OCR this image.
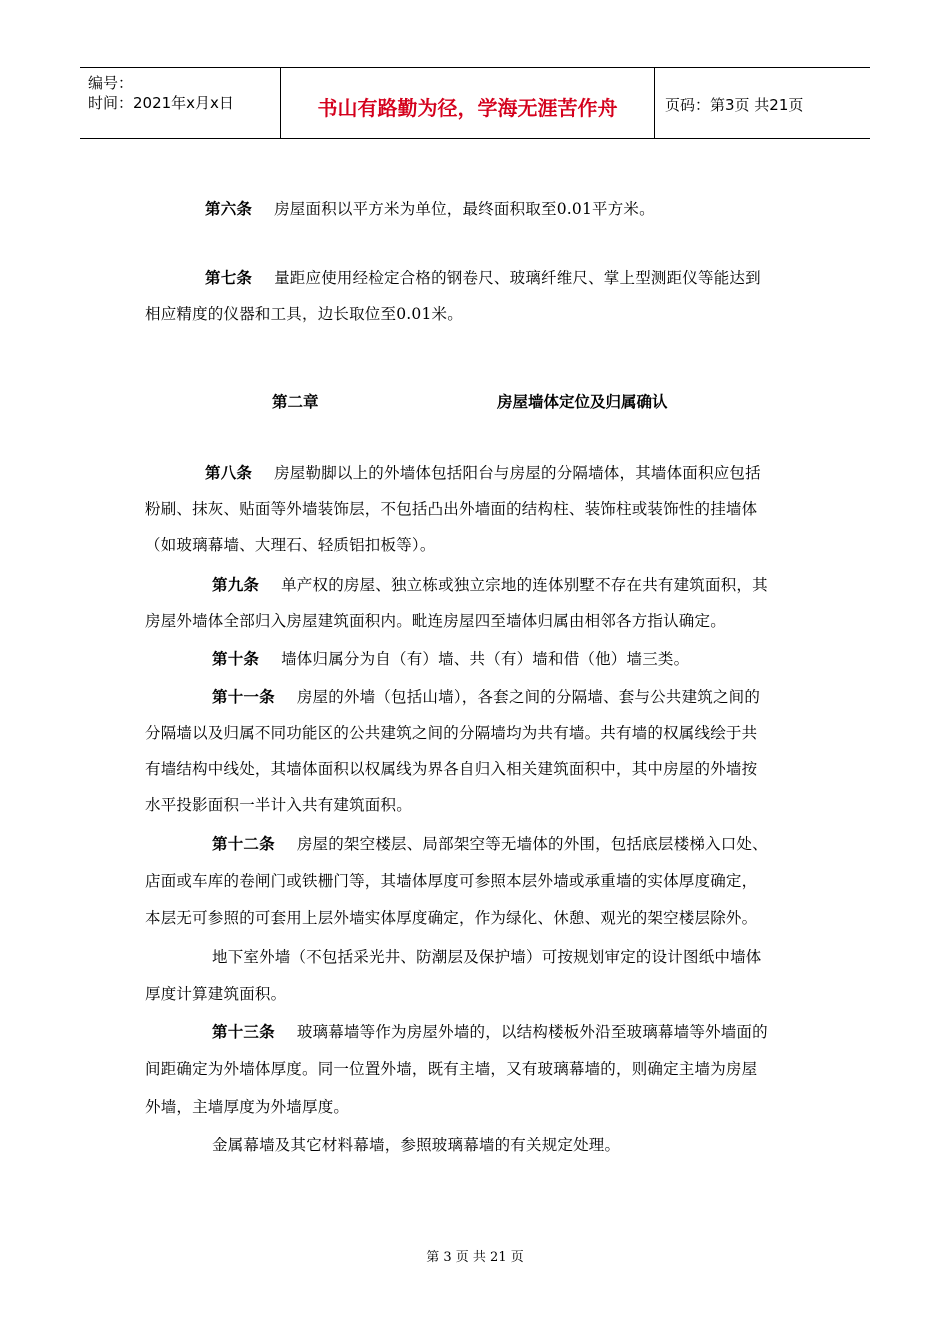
编号：
时间：2021年x月x日	书山有路勤为径，学海无涯苦作舟	页码：第3页 共21页
第六条 房屋面积以平方米为单位，最终面积取至0.01平方米。
第七条 量距应使用经检定合格的钢卷尺、玻璃纤维尺、掌上型测距仪等能达到
相应精度的仪器和工具，边长取位至0.01米。
第二章	房屋墙体定位及归属确认
第八条 房屋勒脚以上的外墙体包括阳台与房屋的分隔墙体，其墙体面积应包括
粉刷、抹灰、贴面等外墙装饰层，不包括凸出外墙面的结构柱、装饰柱或装饰性的挂墙体
（如玻璃幕墙、大理石、轻质铝扣板等）。
第九条 单产权的房屋、独立栋或独立宗地的连体别墅不存在共有建筑面积，其
房屋外墙体全部归入房屋建筑面积内。毗连房屋四至墙体归属由相邻各方指认确定。
第十条 墙体归属分为自（有）墙、共（有）墙和借（他）墙三类。
第十一条 房屋的外墙（包括山墙），各套之间的分隔墙、套与公共建筑之间的
分隔墙以及归属不同功能区的公共建筑之间的分隔墙均为共有墙。共有墙的权属线绘于共
有墙结构中线处，其墙体面积以权属线为界各自归入相关建筑面积中，其中房屋的外墙按
水平投影面积一半计入共有建筑面积。
第十二条 房屋的架空楼层、局部架空等无墙体的外围，包括底层楼梯入口处、
店面或车库的卷闸门或铁栅门等，其墙体厚度可参照本层外墙或承重墙的实体厚度确定，
本层无可参照的可套用上层外墙实体厚度确定，作为绿化、休憩、观光的架空楼层除外。
地下室外墙（不包括采光井、防潮层及保护墙）可按规划审定的设计图纸中墙体
厚度计算建筑面积。
第十三条 玻璃幕墙等作为房屋外墙的，以结构楼板外沿至玻璃幕墙等外墙面的
间距确定为外墙体厚度。同一位置外墙，既有主墙，又有玻璃幕墙的，则确定主墙为房屋
外墙，主墙厚度为外墙厚度。
金属幕墙及其它材料幕墙，参照玻璃幕墙的有关规定处理。
第 3 页 共 21 页
